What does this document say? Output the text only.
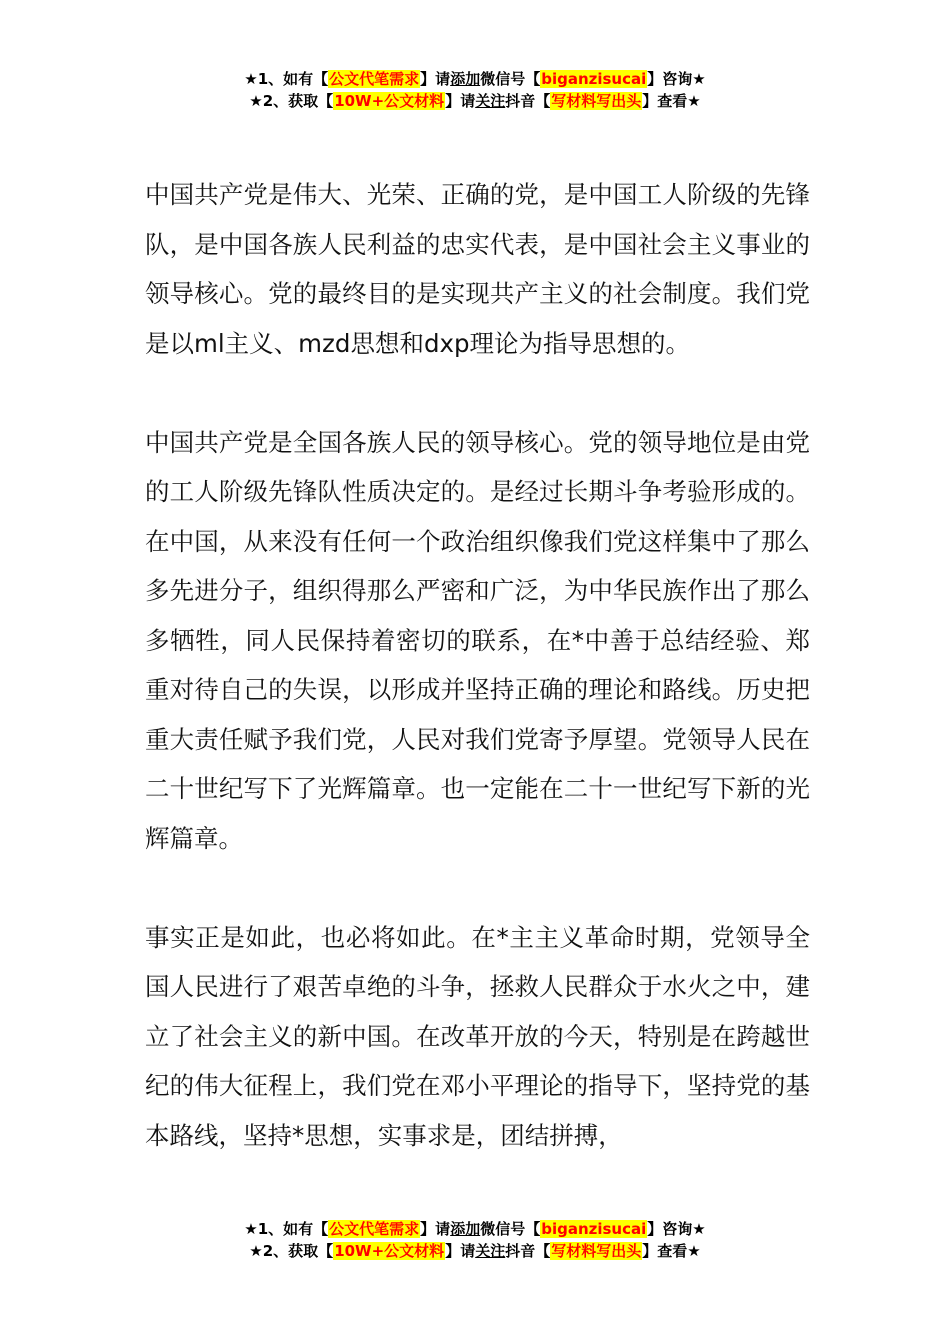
★1、如有【公文代笔需求】请添加微信号【biganzisucai】咨询★
★2、获取【10W+公文材料】请关注抖音【写材料写出头】查看★

中国共产党是伟大、光荣、正确的党，是中国工人阶级的先锋队，是中国各族人民利益的忠实代表，是中国社会主义事业的领导核心。党的最终目的是实现共产主义的社会制度。我们党是以ml主义、mzd思想和dxp理论为指导思想的。

中国共产党是全国各族人民的领导核心。党的领导地位是由党的工人阶级先锋队性质决定的。是经过长期斗争考验形成的。在中国，从来没有任何一个政治组织像我们党这样集中了那么多先进分子，组织得那么严密和广泛，为中华民族作出了那么多牺牲，同人民保持着密切的联系，在*中善于总结经验、郑重对待自己的失误，以形成并坚持正确的理论和路线。历史把重大责任赋予我们党，人民对我们党寄予厚望。党领导人民在二十世纪写下了光辉篇章。也一定能在二十一世纪写下新的光辉篇章。

事实正是如此，也必将如此。在*主主义革命时期，党领导全国人民进行了艰苦卓绝的斗争，拯救人民群众于水火之中，建立了社会主义的新中国。在改革开放的今天，特别是在跨越世纪的伟大征程上，我们党在邓小平理论的指导下，坚持党的基本路线，坚持*思想，实事求是，团结拼搏，

★1、如有【公文代笔需求】请添加微信号【biganzisucai】咨询★
★2、获取【10W+公文材料】请关注抖音【写材料写出头】查看★
